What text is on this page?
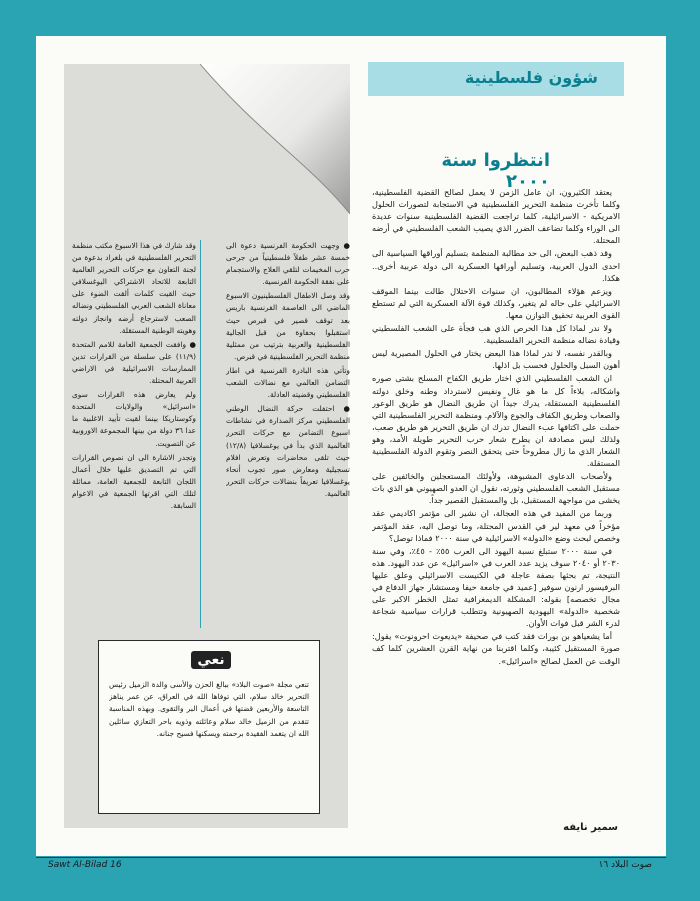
شؤون فلسطينية
انتظروا سنة ٢٠٠٠

يعتقد الكثيرون، ان عامل الزمن لا يعمل لصالح القضية الفلسطينية، وكلما تأخرت منظمة التحرير الفلسطينية في الاستجابة لتصورات الحلول الامريكية - الاسرائيلية، كلما تراجعت القضية الفلسطينية سنوات عديدة الى الوراء وكلما تضاعف الضرر الذي يصيب الشعب الفلسطيني في أرضه المحتلة.

وقد ذهب البعض، الى حد مطالبة المنظمة بتسليم أوراقها السياسية الى احدى الدول العربية، وتسليم أوراقها العسكرية الى دولة عربية أخرى.. هكذا.

ويزعم هؤلاء المطالبون، ان سنوات الاحتلال طالت بينما الموقف الاسرائيلي على حاله لم يتغير، وكذلك قوة الآلة العسكرية التي لم تستطع القوى العربية تحقيق التوازن معها.

ولا ندر لماذا كل هذا الحرص الذي هب فجأة على الشعب الفلسطيني وقيادة نضاله منظمة التحرير الفلسطينية.

وبالقدر نفسه، لا ندر لماذا هذا البعض يختار في الحلول المصيرية ليس أهون السبل والحلول فحسب بل اذلها.

ان الشعب الفلسطيني الذي اختار طريق الكفاح المسلح بشتى صوره واشكاله، بلاءاً كل ما هو غال ونفيس لاسترداد وطنه وخلق دولته الفلسطينية المستقلة، يدرك جيداً ان طريق النضال هو طريق الوعور والصعاب وطريق الكفاف والجوع والآلام. ومنظمة التحرير الفلسطينية التي حملت على اكتافها عبء النضال تدرك ان طريق التحرير هو طريق صعب، ولذلك ليس مصادفة ان يطرح شعار حرب التحرير طويلة الأمد، وهو الشعار الذي ما زال مطروحاً حتى يتحقق النصر وتقوم الدولة الفلسطينية المستقلة.

ولأصحاب الدعاوى المشبوهة، ولأولئك المستعجلين والخائفين على مستقبل الشعب الفلسطيني وثورته، نقول ان العدو الصهيوني هو الذي بات يخشى من مواجهة المستقبل، بل والمستقبل القصير جداً.

وربما من المفيد في هذه العجالة، ان نشير الى مؤتمر اكاديمي عقد مؤخراً في معهد لير في القدس المحتلة، وما توصل اليه، عقد المؤتمر وخصص لبحث وضع «الدولة» الاسرائيلية في سنة ٢٠٠٠ فماذا توصل؟

في سنة ٢٠٠٠ ستبلغ نسبة اليهود الى العرب ٥٥٪ - ٤٥٪، وفي سنة ٢٠٣٠ أو ٢٠٤٠ سوف يزيد عدد العرب في «اسرائيل» عن عدد اليهود. هذه النتيجة، تم بحثها بصفة عاجلة في الكنيست الاسرائيلي وعلق عليها البرفيسور ارنون سوفير [عميد في جامعة حيفا ومستشار جهاز الدفاع في مجال تخصصه] بقوله: المشكلة الديمغرافية تمثل الخطر الاكبر على شخصية «الدولة» اليهودية الصهيونية وتتطلب قرارات سياسية شجاعة لدرء الشر قبل فوات الأوان.

أما يشعياهو بن بورات فقد كتب في صحيفة «يديعوت احرونوت» يقول: صورة المستقبل كئيبة، وكلما اقتربنا من نهاية القرن العشرين كلما كف الوقت عن العمل لصالح «اسرائيل».

سمير نايفه

● وجهت الحكومة الفرنسية دعوة الى خمسة عشر طفلاً فلسطينياً من جرحى حرب المخيمات لتلقي العلاج والاستجمام على نفقة الحكومة الفرنسية.

وقد وصل الاطفال الفلسطينيون الاسبوع الماضي الى العاصمة الفرنسية باريس بعد توقف قصير في قبرص حيث استقبلوا بحفاوة من قبل الجالية الفلسطينية والعربية بترتيب من ممثلية منظمة التحرير الفلسطينية في قبرص.

وتأتي هذه البادرة الفرنسية في اطار التضامن العالمي مع نضالات الشعب الفلسطيني وقضيته العادلة.

● احتفلت حركة النضال الوطني الفلسطيني مركز الصدارة في نشاطات اسبوع التضامن مع حركات التحرر العالمية الذي بدأ في يوغسلافيا (١٢/٨) حيث تلقى محاضرات وتعرض افلام تسجيلية ومعارض صور تجوب أنحاء يوغسلافيا تعريفاً بنضالات حركات التحرر العالمية.

وقد شارك في هذا الاسبوع مكتب منظمة التحرير الفلسطينية في بلغراد بدعوة من لجنة التعاون مع حركات التحرير العالمية التابعة للاتحاد الاشتراكي اليوغسلافي حيث القيت كلمات ألقت الضوء على معاناة الشعب العربي الفلسطيني ونضاله الصعب لاسترجاع أرضه وانجاز دولته وهويته الوطنية المستقلة.

● وافقت الجمعية العامة للامم المتحدة (١١/٩) على سلسلة من القرارات تدين الممارسات الاسرائيلية في الاراضي العربية المحتلة.

ولم يعارض هذه القرارات سوى «اسرائيل» والولايات المتحدة وكوستاريكا بينما لقيت تأييد الاغلبية ما عدا ٣٦ دولة من بينها المجموعة الاوروبية عن التصويت.

وتجدر الاشارة الى ان نصوص القرارات التي تم التصديق عليها خلال أعمال اللجان التابعة للجمعية العامة، مماثلة لتلك التي اقرتها الجمعية في الاعوام السابقة.

نعي
تنعي مجلة «صوت البلاد» ببالغ الحزن والأسى والدة الزميل رئيس التحرير خالد سلام، التي توفاها الله في العراق، عن عمر يناهز التاسعة والأربعين قضتها في أعمال البر والتقوى. وبهذه المناسبة تتقدم من الزميل خالد سلام وعائلته وذويه باحر التعازي سائلين الله ان يتغمد الفقيدة برحمته ويسكنها فسيح جنانه.
Sawt Al-Bilad 16	صوت البلاد ١٦
